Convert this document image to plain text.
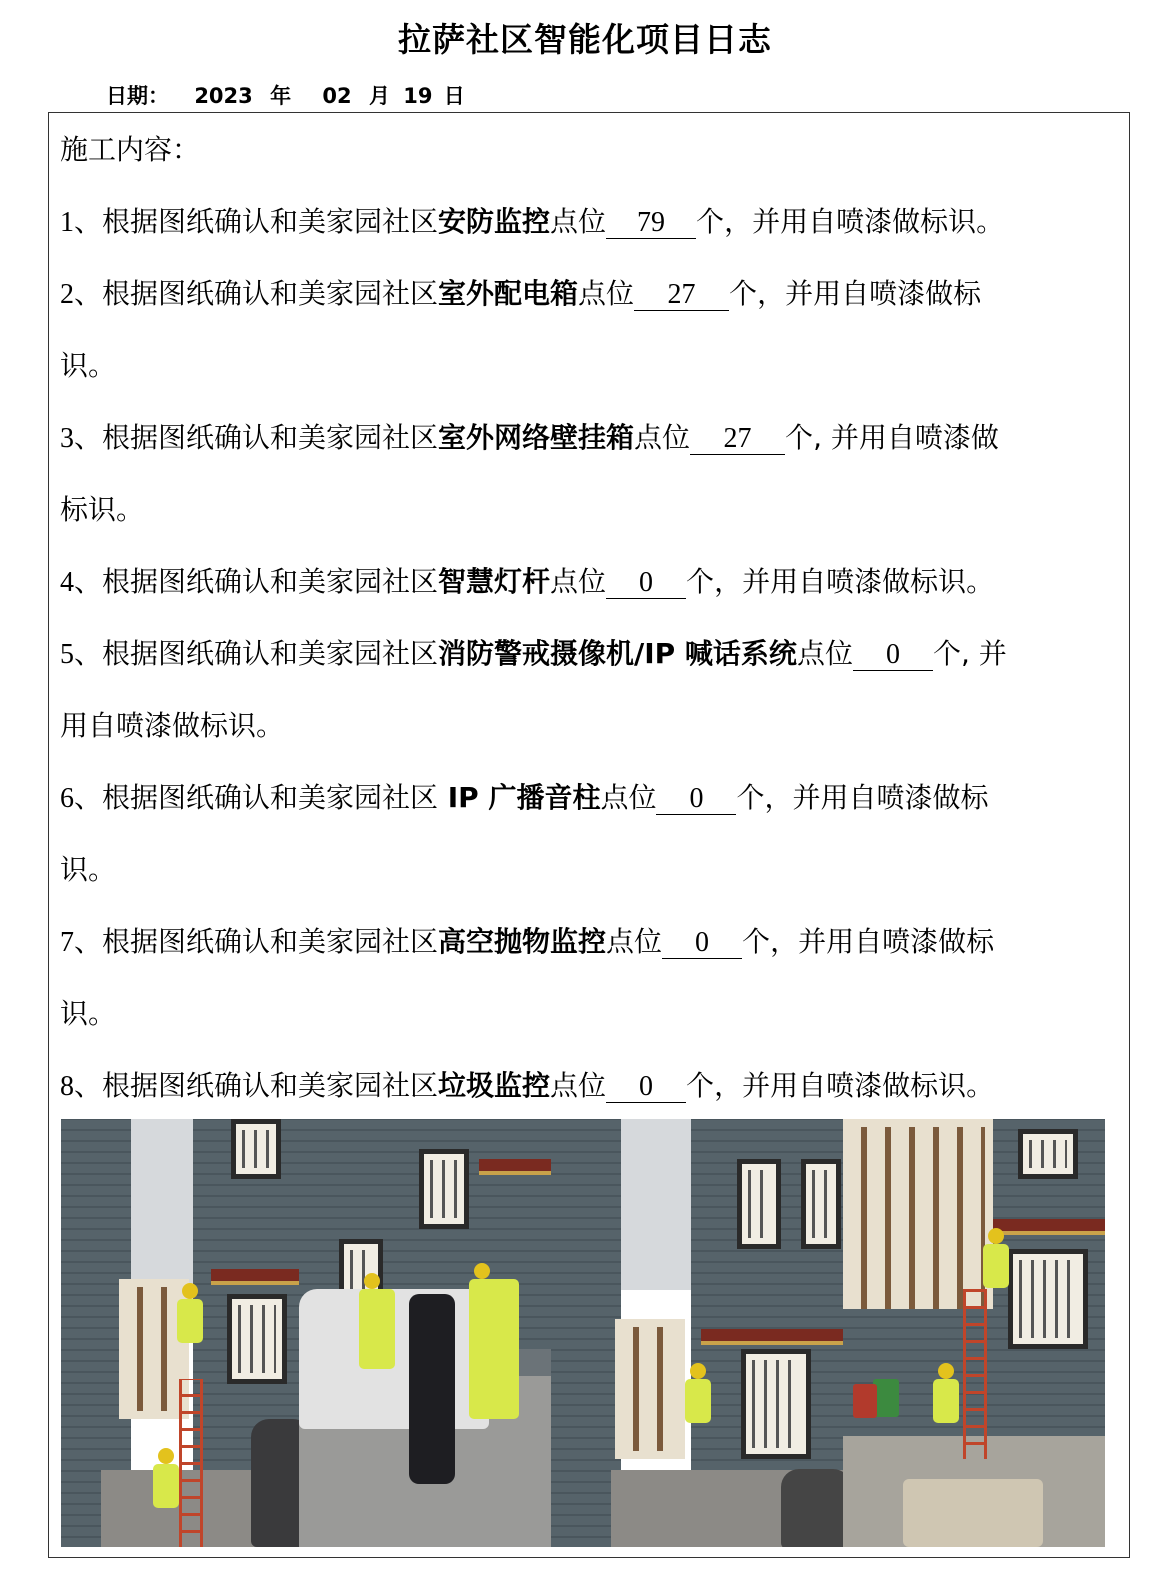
拉萨社区智能化项目日志
日期： 2023 年 02 月 19 日
施工内容：
1、根据图纸确认和美家园社区安防监控点位 79 个，并用自喷漆做标识。
2、根据图纸确认和美家园社区室外配电箱点位 27 个，并用自喷漆做标
识。
3、根据图纸确认和美家园社区室外网络壁挂箱点位 27 个, 并用自喷漆做
标识。
4、根据图纸确认和美家园社区智慧灯杆点位 0 个，并用自喷漆做标识。
5、根据图纸确认和美家园社区消防警戒摄像机/IP 喊话系统点位 0 个, 并
用自喷漆做标识。
6、根据图纸确认和美家园社区 IP 广播音柱点位 0 个，并用自喷漆做标
识。
7、根据图纸确认和美家园社区高空抛物监控点位 0 个，并用自喷漆做标
识。
8、根据图纸确认和美家园社区垃圾监控点位 0 个，并用自喷漆做标识。
